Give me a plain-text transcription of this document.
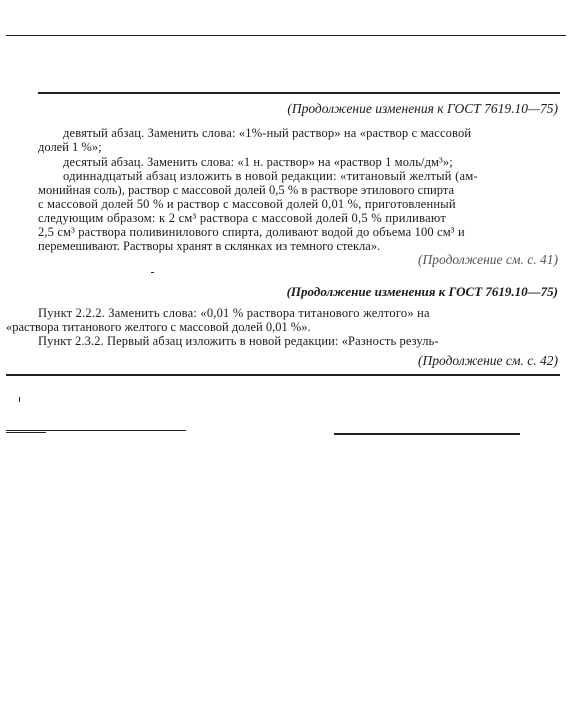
(Продолжение изменения к ГОСТ 7619.10—75)
девятый абзац. Заменить слова: «1%-ный раствор» на «раствор с массовой
долей 1 %»;
десятый абзац. Заменить слова: «1 н. раствор» на «раствор 1 моль/дм³»;
одиннадцатый абзац изложить в новой редакции: «титановый желтый (ам-
монийная соль), раствор с массовой долей 0,5 % в растворе этилового спирта
с массовой долей 50 % и раствор с массовой долей 0,01 %, приготовленный
следующим образом: к 2 см³ раствора с массовой долей 0,5 % приливают
2,5 см³ раствора поливинилового спирта, доливают водой до объема 100 см³ и
перемешивают. Растворы хранят в склянках из темного стекла».
(Продолжение см. с. 41)
(Продолжение изменения к ГОСТ 7619.10—75)
Пункт 2.2.2. Заменить слова: «0,01 % раствора титанового желтого» на
«раствора титанового желтого с массовой долей 0,01 %».
Пункт 2.3.2. Первый абзац изложить в новой редакции: «Разность резуль-
(Продолжение см. с. 42)
